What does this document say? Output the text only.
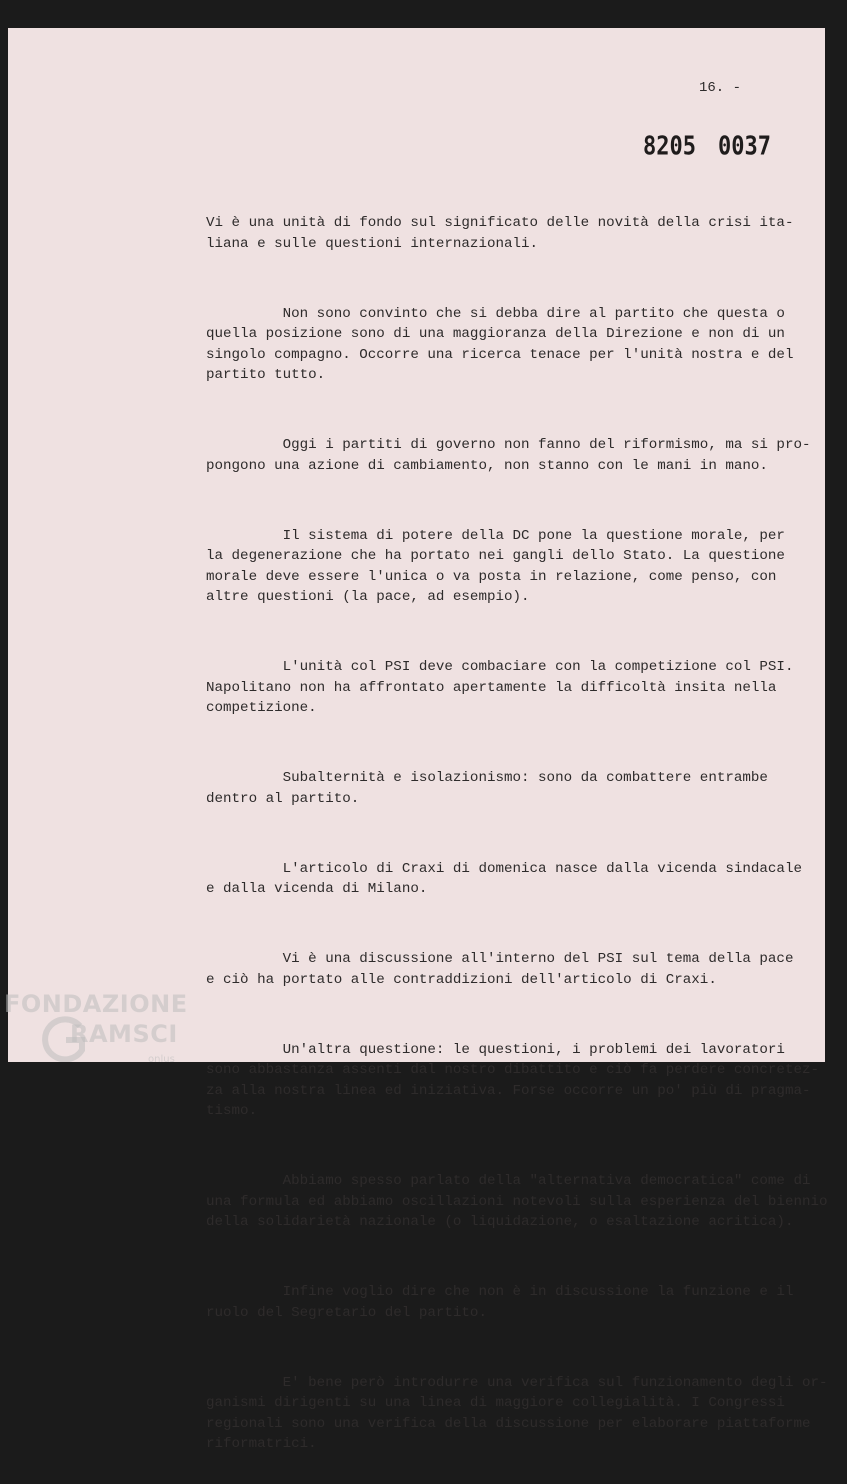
16. -
8205 0037

Vi è una unità di fondo sul significato delle novità della crisi ita-
liana e sulle questioni internazionali.

Non sono convinto che si debba dire al partito che questa o
quella posizione sono di una maggioranza della Direzione e non di un
singolo compagno. Occorre una ricerca tenace per l'unità nostra e del
partito tutto.

Oggi i partiti di governo non fanno del riformismo, ma si pro-
pongono una azione di cambiamento, non stanno con le mani in mano.

Il sistema di potere della DC pone la questione morale, per
la degenerazione che ha portato nei gangli dello Stato. La questione
morale deve essere l'unica o va posta in relazione, come penso, con
altre questioni (la pace, ad esempio).

L'unità col PSI deve combaciare con la competizione col PSI.
Napolitano non ha affrontato apertamente la difficoltà insita nella
competizione.

Subalternità e isolazionismo: sono da combattere entrambe
dentro al partito.

L'articolo di Craxi di domenica nasce dalla vicenda sindacale
e dalla vicenda di Milano.

Vi è una discussione all'interno del PSI sul tema della pace
e ciò ha portato alle contraddizioni dell'articolo di Craxi.

Un'altra questione: le questioni, i problemi dei lavoratori
sono abbastanza assenti dal nostro dibattito e ciò fa perdere concretez-
za alla nostra linea ed iniziativa. Forse occorre un po' più di pragma-
tismo.

Abbiamo spesso parlato della "alternativa democratica" come di
una formula ed abbiamo oscillazioni notevoli sulla esperienza del biennio
della solidarietà nazionale (o liquidazione, o esaltazione acritica).

Infine voglio dire che non è in discussione la funzione e il
ruolo del Segretario del partito.

E' bene però introdurre una verifica sul funzionamento degli or-
ganismi dirigenti su una linea di maggiore collegialità. I Congressi
regionali sono una verifica della discussione per elaborare piattaforme
riformatrici.

FONDAZIONE
RAMSCI
onlus
